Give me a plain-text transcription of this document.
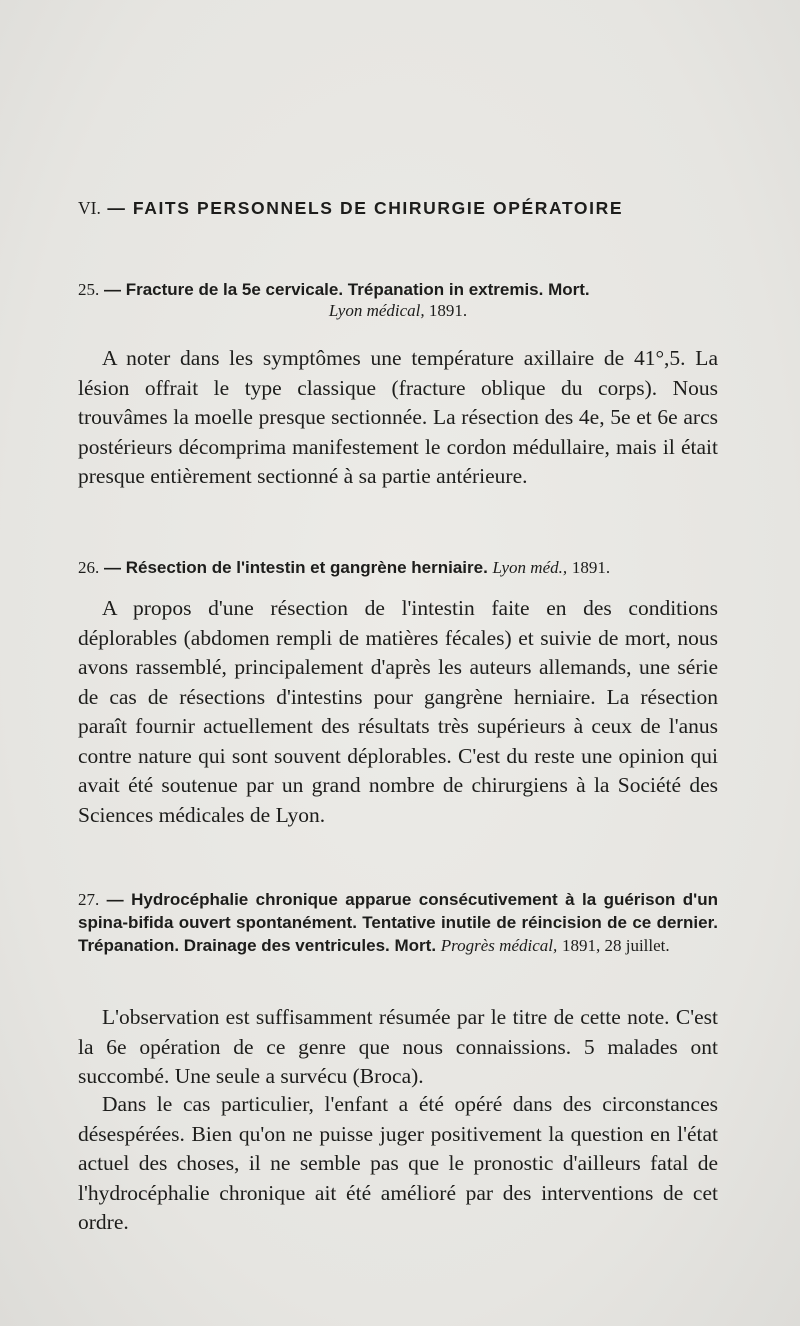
VI. — FAITS PERSONNELS DE CHIRURGIE OPÉRATOIRE
25. — Fracture de la 5e cervicale. Trépanation in extremis. Mort.
Lyon médical, 1891.

A noter dans les symptômes une température axillaire de 41°,5. La lésion offrait le type classique (fracture oblique du corps). Nous trouvâmes la moelle presque sectionnée. La résection des 4e, 5e et 6e arcs postérieurs décomprima manifestement le cordon médullaire, mais il était presque entièrement sectionné à sa partie antérieure.

26. — Résection de l'intestin et gangrène herniaire. Lyon méd., 1891.

A propos d'une résection de l'intestin faite en des conditions déplorables (abdomen rempli de matières fécales) et suivie de mort, nous avons rassemblé, principalement d'après les auteurs allemands, une série de cas de résections d'intestins pour gangrène herniaire. La résection paraît fournir actuellement des résultats très supérieurs à ceux de l'anus contre nature qui sont souvent déplorables. C'est du reste une opinion qui avait été soutenue par un grand nombre de chirurgiens à la Société des Sciences médicales de Lyon.

27. — Hydrocéphalie chronique apparue consécutivement à la guérison d'un spina-bifida ouvert spontanément. Tentative inutile de réincision de ce dernier. Trépanation. Drainage des ventricules. Mort. Progrès médical, 1891, 28 juillet.

L'observation est suffisamment résumée par le titre de cette note. C'est la 6e opération de ce genre que nous connaissions. 5 malades ont succombé. Une seule a survécu (Broca).

Dans le cas particulier, l'enfant a été opéré dans des circonstances désespérées. Bien qu'on ne puisse juger positivement la question en l'état actuel des choses, il ne semble pas que le pronostic d'ailleurs fatal de l'hydrocéphalie chronique ait été amélioré par des interventions de cet ordre.
